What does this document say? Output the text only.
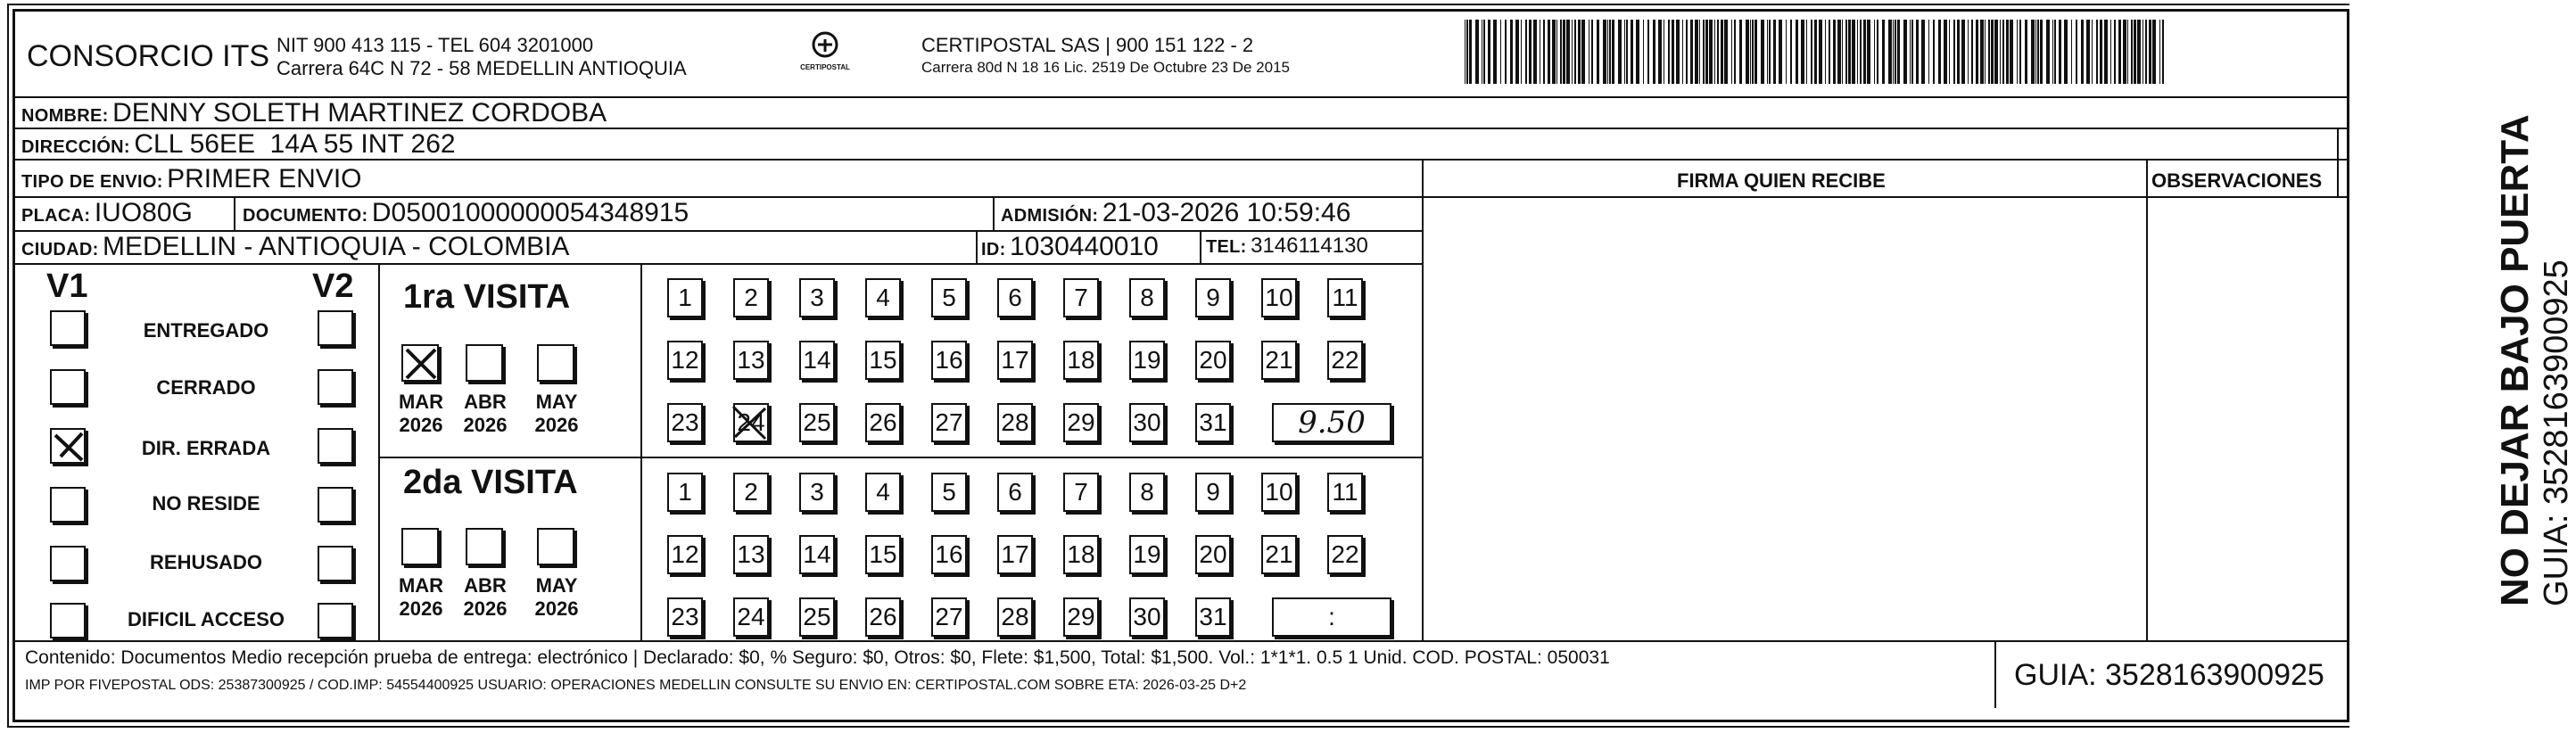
CONSORCIO ITS NIT 900 413 115 - TEL 604 3201000
Carrera 64C N 72 - 58 MEDELLIN ANTIOQUIA	CERTIPOSTAL
CERTIPOSTAL SAS | 900 151 122 - 2
Carrera 80d N 18 16 Lic. 2519 De Octubre 23 De 2015
NOMBRE: DENNY SOLETH MARTINEZ CORDOBA
DIRECCIÓN: CLL 56EE  14A 55 INT 262
TIPO DE ENVIO: PRIMER ENVIO	FIRMA QUIEN RECIBE	OBSERVACIONES
PLACA: IUO80G	DOCUMENTO: D05001000000054348915	ADMISIÓN: 21-03-2026 10:59:46
CIUDAD: MEDELLIN - ANTIOQUIA - COLOMBIA	ID: 1030440010	TEL: 3146114130
V1	V2
ENTREGADO
CERRADO
DIR. ERRADA
NO RESIDE
REHUSADO
DIFICIL ACCESO
1ra VISITA
2da VISITA
1	2	3	4	5	6	7	8	9	10 11
12 13 14 15 16 17 18 19 20 21 22
23 24 25 26 27 28 29 30 31	9.50
1	2	3	4	5	6	7	8	9	10 11
12 13 14 15 16 17 18 19 20 21 22
23 24 25 26 27 28 29 30 31	:
MAR
2026
ABR
2026
MAY
2026
MAR
2026
ABR
2026
MAY
2026
Contenido: Documentos Medio recepción prueba de entrega: electrónico | Declarado: $0, % Seguro: $0, Otros: $0, Flete: $1,500, Total: $1,500. Vol.: 1*1*1. 0.5 1 Unid. COD. POSTAL: 050031
IMP POR FIVEPOSTAL ODS: 25387300925 / COD.IMP: 54554400925 USUARIO: OPERACIONES MEDELLIN CONSULTE SU ENVIO EN: CERTIPOSTAL.COM SOBRE ETA: 2026-03-25 D+2	GUIA: 3528163900925
NO DEJAR BAJO PUERTA GUIA: 3528163900925
